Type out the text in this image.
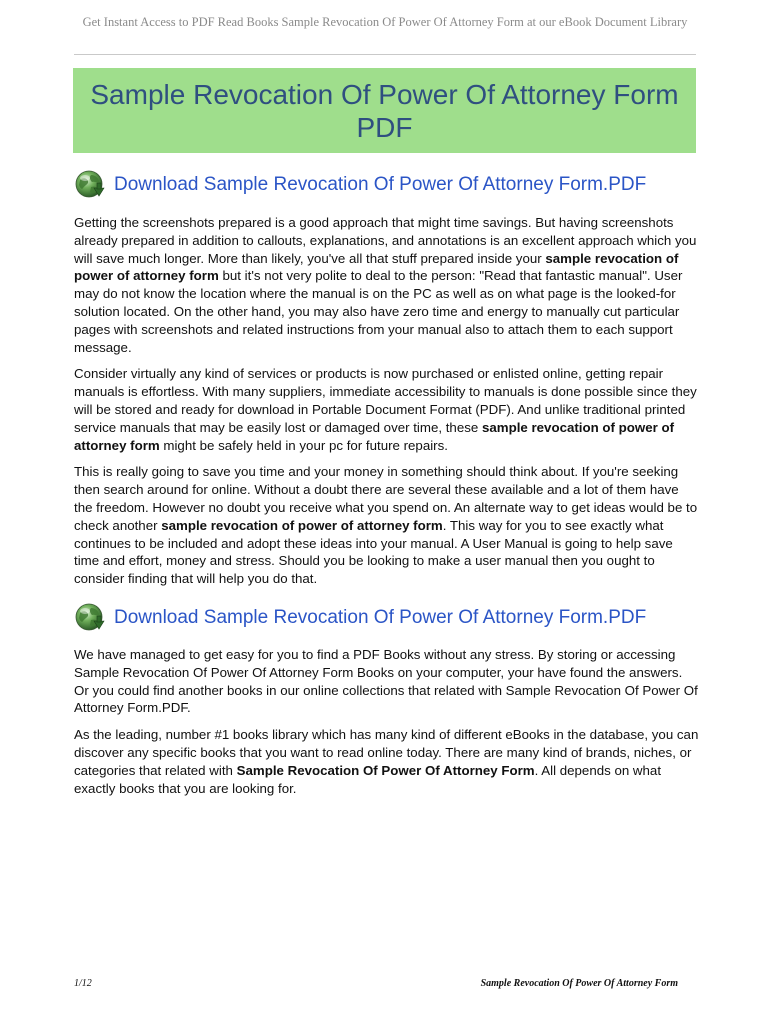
Get Instant Access to PDF Read Books Sample Revocation Of Power Of Attorney Form at our eBook Document Library
Sample Revocation Of Power Of Attorney Form PDF
Download Sample Revocation Of Power Of Attorney Form.PDF

Getting the screenshots prepared is a good approach that might time savings. But having screenshots already prepared in addition to callouts, explanations, and annotations is an excellent approach which you will save much longer. More than likely, you've all that stuff prepared inside your sample revocation of power of attorney form but it's not very polite to deal to the person: "Read that fantastic manual". User may do not know the location where the manual is on the PC as well as on what page is the looked-for solution located. On the other hand, you may also have zero time and energy to manually cut particular pages with screenshots and related instructions from your manual also to attach them to each support message.

Consider virtually any kind of services or products is now purchased or enlisted online, getting repair manuals is effortless. With many suppliers, immediate accessibility to manuals is done possible since they will be stored and ready for download in Portable Document Format (PDF). And unlike traditional printed service manuals that may be easily lost or damaged over time, these sample revocation of power of attorney form might be safely held in your pc for future repairs.

This is really going to save you time and your money in something should think about. If you're seeking then search around for online. Without a doubt there are several these available and a lot of them have the freedom. However no doubt you receive what you spend on. An alternate way to get ideas would be to check another sample revocation of power of attorney form. This way for you to see exactly what continues to be included and adopt these ideas into your manual. A User Manual is going to help save time and effort, money and stress. Should you be looking to make a user manual then you ought to consider finding that will help you do that.

Download Sample Revocation Of Power Of Attorney Form.PDF

We have managed to get easy for you to find a PDF Books without any stress. By storing or accessing Sample Revocation Of Power Of Attorney Form Books on your computer, your have found the answers. Or you could find another books in our online collections that related with Sample Revocation Of Power Of Attorney Form.PDF.

As the leading, number #1 books library which has many kind of different eBooks in the database, you can discover any specific books that you want to read online today. There are many kind of brands, niches, or categories that related with Sample Revocation Of Power Of Attorney Form. All depends on what exactly books that you are looking for.

1/12	Sample Revocation Of Power Of Attorney Form
